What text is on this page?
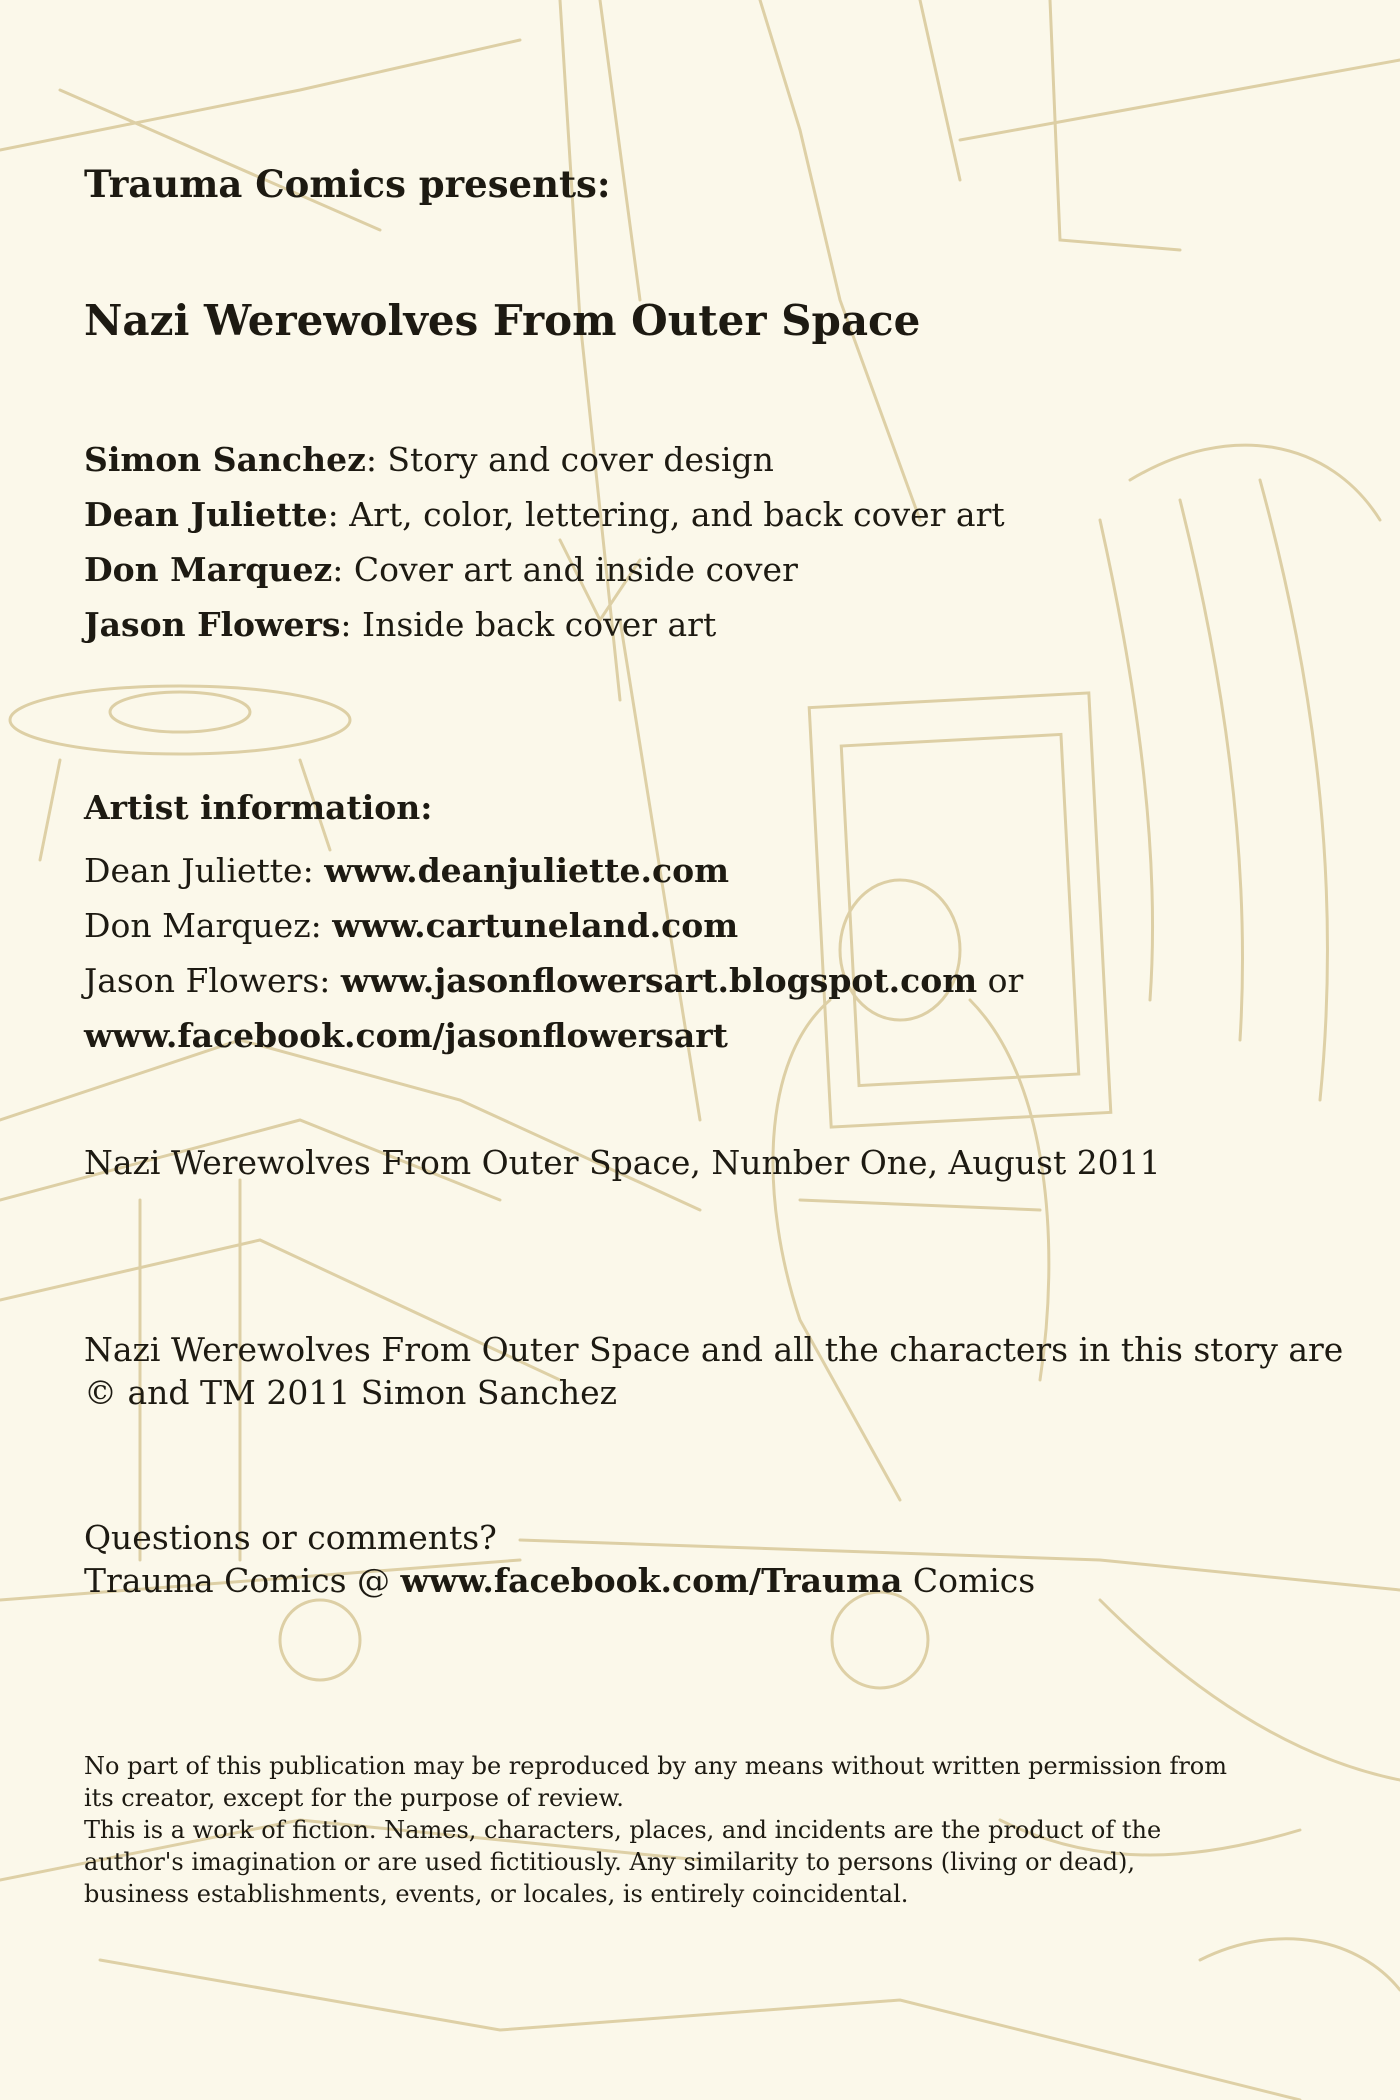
Trauma Comics presents:

Nazi Werewolves From Outer Space
Simon Sanchez: Story and cover design
Dean Juliette: Art, color, lettering, and back cover art
Don Marquez: Cover art and inside cover
Jason Flowers: Inside back cover art

Artist information:

Dean Juliette: www.deanjuliette.com
Don Marquez: www.cartuneland.com
Jason Flowers: www.jasonflowersart.blogspot.com or
www.facebook.com/jasonflowersart

Nazi Werewolves From Outer Space, Number One, August 2011

Nazi Werewolves From Outer Space and all the characters in this story are
© and TM 2011 Simon Sanchez
Questions or comments?
Trauma Comics @ www.facebook.com/Trauma Comics
No part of this publication may be reproduced by any means without written permission from
its creator, except for the purpose of review.
This is a work of fiction. Names, characters, places, and incidents are the product of the
author's imagination or are used fictitiously. Any similarity to persons (living or dead),
business establishments, events, or locales, is entirely coincidental.
